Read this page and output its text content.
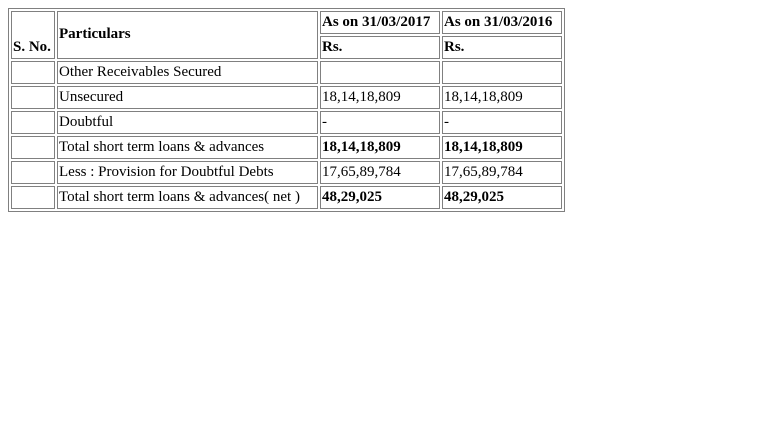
S. No.	Particulars	As on 31/03/2017	As on 31/03/2016
		Rs.	Rs.
	Other Receivables Secured		
	Unsecured	18,14,18,809	18,14,18,809
	Doubtful	-	-
	Total short term loans & advances	18,14,18,809	18,14,18,809
	Less : Provision for Doubtful Debts	17,65,89,784	17,65,89,784
	Total short term loans & advances( net )	48,29,025	48,29,025
